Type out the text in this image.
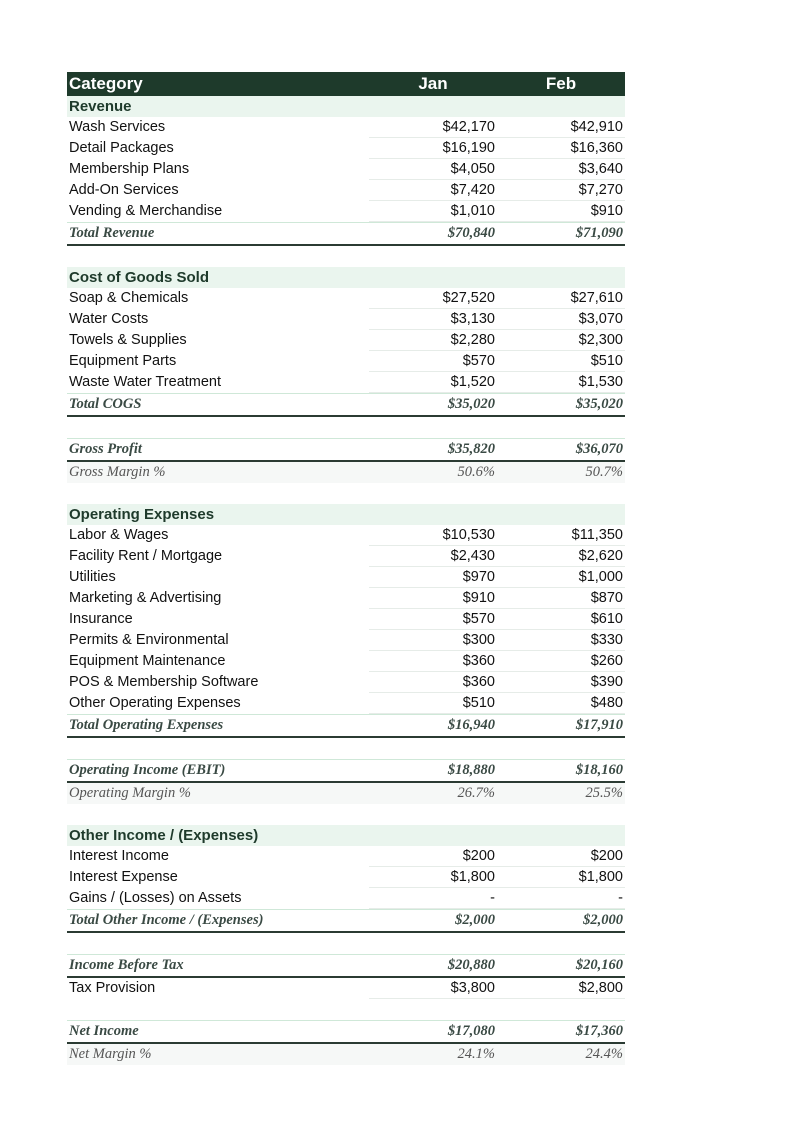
Category	Jan	Feb
Revenue
Wash Services	$42,170	$42,910
Detail Packages	$16,190	$16,360
Membership Plans	$4,050	$3,640
Add-On Services	$7,420	$7,270
Vending & Merchandise	$1,010	$910
Total Revenue	$70,840	$71,090
Cost of Goods Sold
Soap & Chemicals	$27,520	$27,610
Water Costs	$3,130	$3,070
Towels & Supplies	$2,280	$2,300
Equipment Parts	$570	$510
Waste Water Treatment	$1,520	$1,530
Total COGS	$35,020	$35,020
Gross Profit	$35,820	$36,070
Gross Margin %	50.6%	50.7%
Operating Expenses
Labor & Wages	$10,530	$11,350
Facility Rent / Mortgage	$2,430	$2,620
Utilities	$970	$1,000
Marketing & Advertising	$910	$870
Insurance	$570	$610
Permits & Environmental	$300	$330
Equipment Maintenance	$360	$260
POS & Membership Software	$360	$390
Other Operating Expenses	$510	$480
Total Operating Expenses	$16,940	$17,910
Operating Income (EBIT)	$18,880	$18,160
Operating Margin %	26.7%	25.5%
Other Income / (Expenses)
Interest Income	$200	$200
Interest Expense	$1,800	$1,800
Gains / (Losses) on Assets	-	-
Total Other Income / (Expenses)	$2,000	$2,000
Income Before Tax	$20,880	$20,160
Tax Provision	$3,800	$2,800
Net Income	$17,080	$17,360
Net Margin %	24.1%	24.4%
